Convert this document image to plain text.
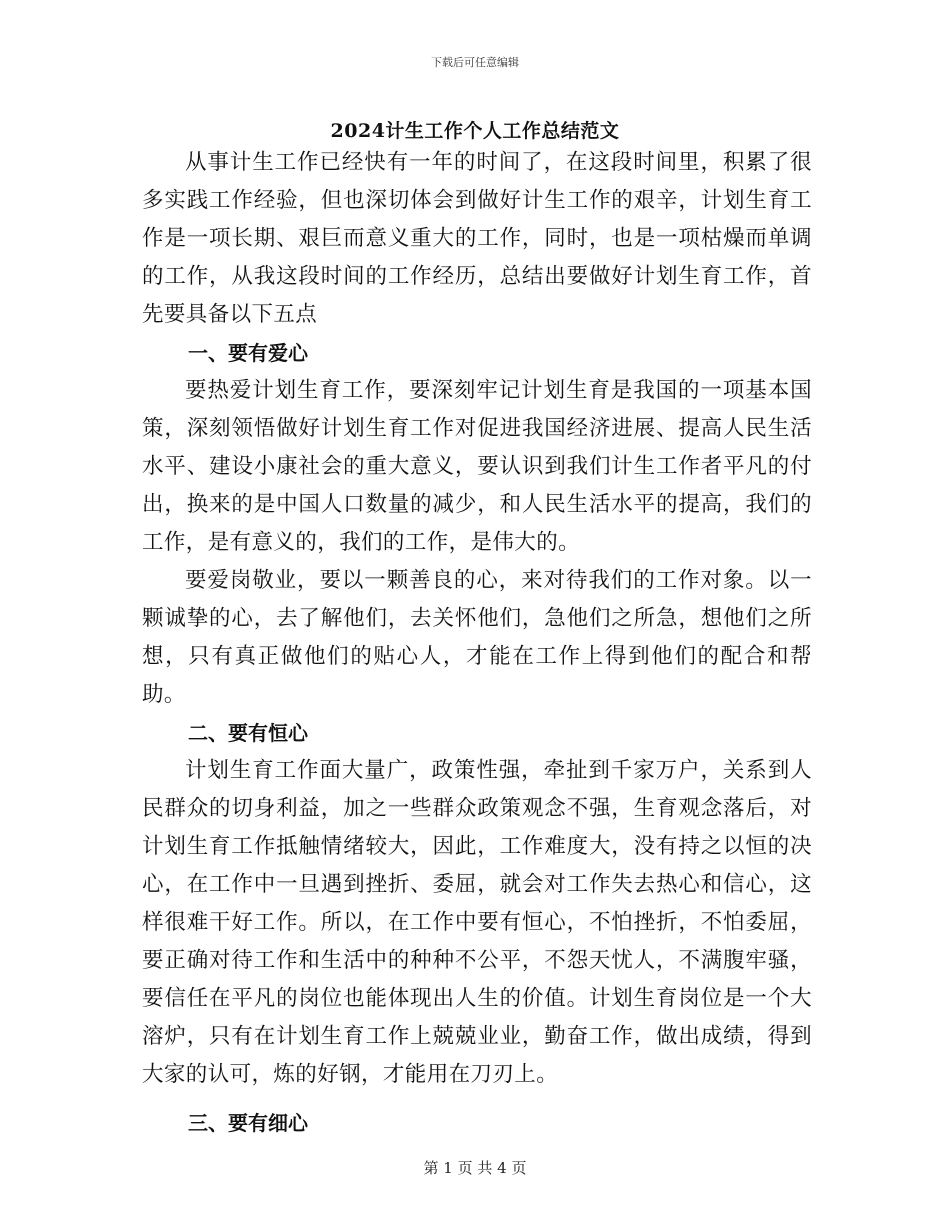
下载后可任意编辑
2024计生工作个人工作总结范文

从事计生工作已经快有一年的时间了，在这段时间里，积累了很多实践工作经验，但也深切体会到做好计生工作的艰辛，计划生育工作是一项长期、艰巨而意义重大的工作，同时，也是一项枯燥而单调的工作，从我这段时间的工作经历，总结出要做好计划生育工作，首先要具备以下五点

一、要有爱心

要热爱计划生育工作，要深刻牢记计划生育是我国的一项基本国策，深刻领悟做好计划生育工作对促进我国经济进展、提高人民生活水平、建设小康社会的重大意义，要认识到我们计生工作者平凡的付出，换来的是中国人口数量的减少，和人民生活水平的提高，我们的工作，是有意义的，我们的工作，是伟大的。

要爱岗敬业，要以一颗善良的心，来对待我们的工作对象。以一颗诚挚的心，去了解他们，去关怀他们，急他们之所急，想他们之所想，只有真正做他们的贴心人，才能在工作上得到他们的配合和帮助。

二、要有恒心

计划生育工作面大量广，政策性强，牵扯到千家万户，关系到人民群众的切身利益，加之一些群众政策观念不强，生育观念落后，对计划生育工作抵触情绪较大，因此，工作难度大，没有持之以恒的决心，在工作中一旦遇到挫折、委屈，就会对工作失去热心和信心，这样很难干好工作。所以，在工作中要有恒心，不怕挫折，不怕委屈，要正确对待工作和生活中的种种不公平，不怨天忧人，不满腹牢骚，要信任在平凡的岗位也能体现出人生的价值。计划生育岗位是一个大溶炉，只有在计划生育工作上兢兢业业，勤奋工作，做出成绩，得到大家的认可，炼的好钢，才能用在刀刃上。

三、要有细心

第 1 页 共 4 页
